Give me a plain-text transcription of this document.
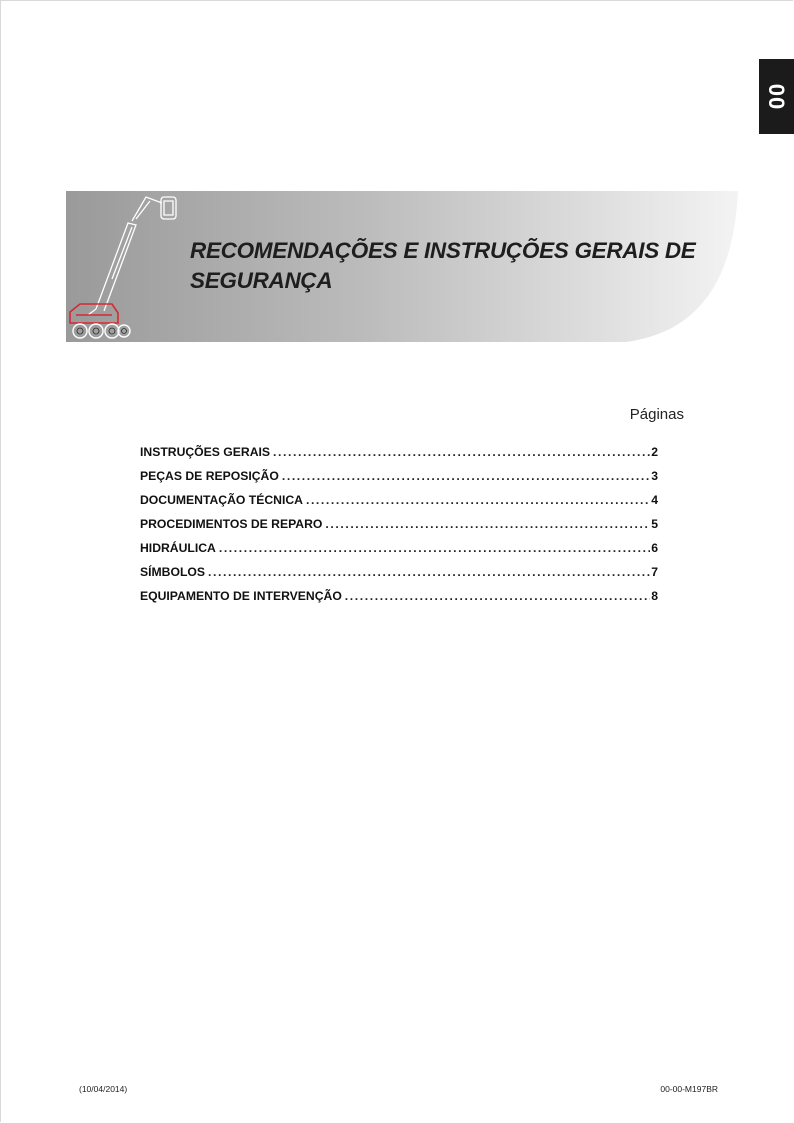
00
RECOMENDAÇÕES E INSTRUÇÕES GERAIS DE SEGURANÇA
Páginas
INSTRUÇÕES GERAIS .....	2
PEÇAS DE REPOSIÇÃO .....	3
DOCUMENTAÇÃO TÉCNICA .....	4
PROCEDIMENTOS DE REPARO .....	5
HIDRÁULICA .....	6
SÍMBOLOS .....	7
EQUIPAMENTO DE INTERVENÇÃO .....	8
(10/04/2014)	00-00-M197BR
